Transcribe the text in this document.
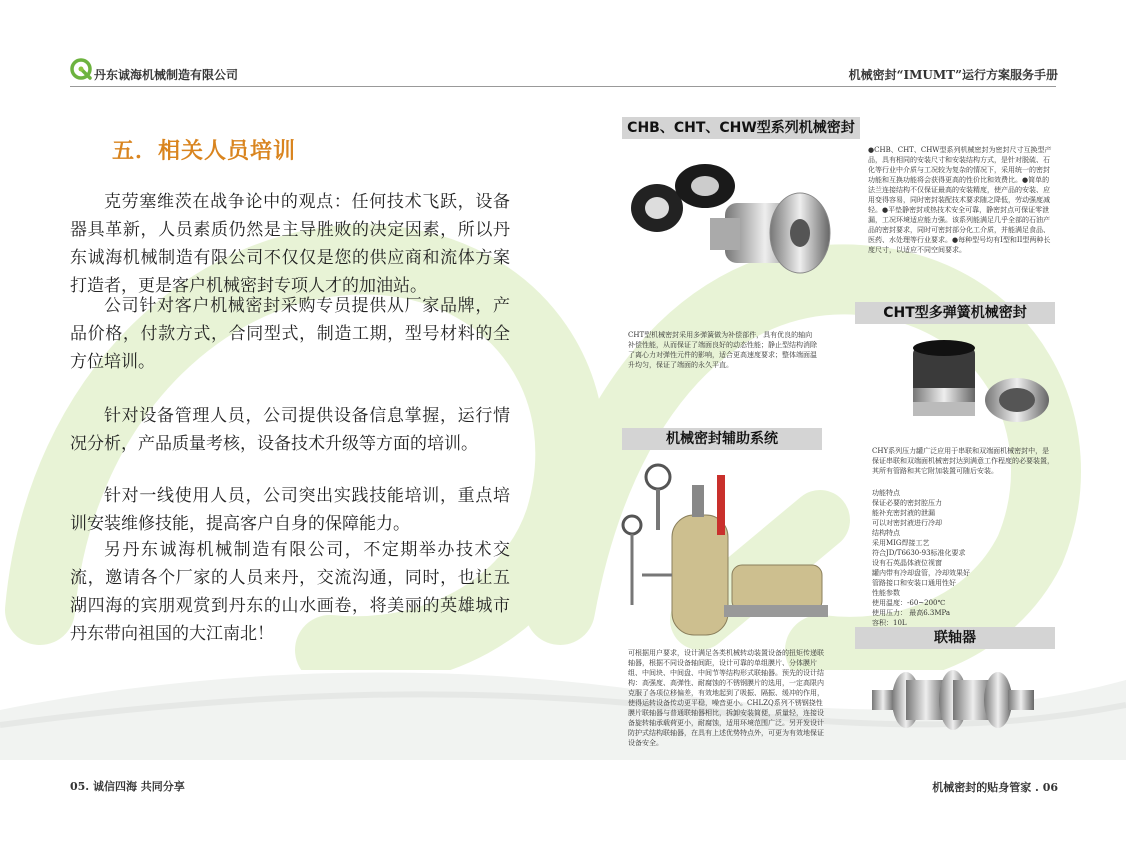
丹东诚海机械制造有限公司	机械密封“IMUMT”运行方案服务手册
五．相关人员培训
克劳塞维茨在战争论中的观点：任何技术飞跃，设备器具革新，人员素质仍然是主导胜败的决定因素，所以丹东诚海机械制造有限公司不仅仅是您的供应商和流体方案打造者，更是客户机械密封专项人才的加油站。
公司针对客户机械密封采购专员提供从厂家品牌，产品价格，付款方式，合同型式，制造工期，型号材料的全方位培训。
针对设备管理人员，公司提供设备信息掌握，运行情况分析，产品质量考核，设备技术升级等方面的培训。
针对一线使用人员，公司突出实践技能培训，重点培训安装维修技能，提高客户自身的保障能力。
另丹东诚海机械制造有限公司，不定期举办技术交流，邀请各个厂家的人员来丹，交流沟通，同时，也让五湖四海的宾朋观赏到丹东的山水画卷，将美丽的英雄城市丹东带向祖国的大江南北！
CHB、CHT、CHW型系列机械密封
●CHB、CHT、CHW型系列机械密封为密封尺寸互换型产品，具有相同的安装尺寸和安装结构方式，是针对脱硫、石化等行业中介质与工况较为复杂的情况下，采用统一的密封功能和互换功能将会获得更高的性价比和效费比。●简单的法兰连接结构不仅保证最高的安装精度，使产品的安装、应用变得容易，同时密封装配技术要求随之降低，劳动强度减轻。●平垫静密封或热技术安全可靠，静密封点可保证零泄漏，工况环境适应能力强。该系列能满足几乎全部的石油产品的密封要求，同时可密封部分化工介质，并能满足食品、医药、水处理等行业要求。●每种型号均有I型和II型两种长度尺寸，以适应不同空间要求。
CHT型多弹簧机械密封
CHT型机械密封采用多弹簧做为补偿部件，具有优良的轴向补偿性能，从而保证了端面良好的动态性能；静止型结构消除了离心力对弹性元件的影响，适合更高速度要求；整体端面温升均匀，保证了端面的永久平直。
机械密封辅助系统
CHY系列压力罐广泛应用于串联和双端面机械密封中，是保证串联和双端面机械密封达到满意工作程度的必要装置，其所有管路和其它附加装置可随后安装。
功能特点
保证必要的密封腔压力
能补充密封液的泄漏
可以对密封液进行冷却
结构特点
采用MIG焊接工艺
符合JD/T6630-93标准化要求
设有石英晶体液位视窗
罐内带有冷却盘管，冷却效果好
管路接口和安装口通用性好
性能参数
使用温度：-60~200℃
使用压力： 最高6.3MPa
容积：10L
联轴器
可根据用户要求，设计满足各类机械转动装置设备的扭矩传递联轴器，根据不同设备轴间距，设计可靠的单组膜片、分体膜片组、中间块、中间盘、中间节等结构形式联轴器。预先的设计结构：高强度、高弹性、耐腐蚀的不锈钢膜片的选用，一定高限内克服了各项位移偏差，有效地起到了吸振、隔振、缓冲的作用，使得运转设备传动更平稳，噪音更小。CHLZQ系列不锈钢挠性膜片联轴器与普通联轴器相比，拆卸安装简便，质量轻，连接设备旋转轴承载荷更小，耐腐蚀，适用环境范围广泛。另开发设计防护式结构联轴器，在具有上述优势特点外，可更为有效地保证设备安全。
05. 诚信四海 共同分享	机械密封的贴身管家 . 06
